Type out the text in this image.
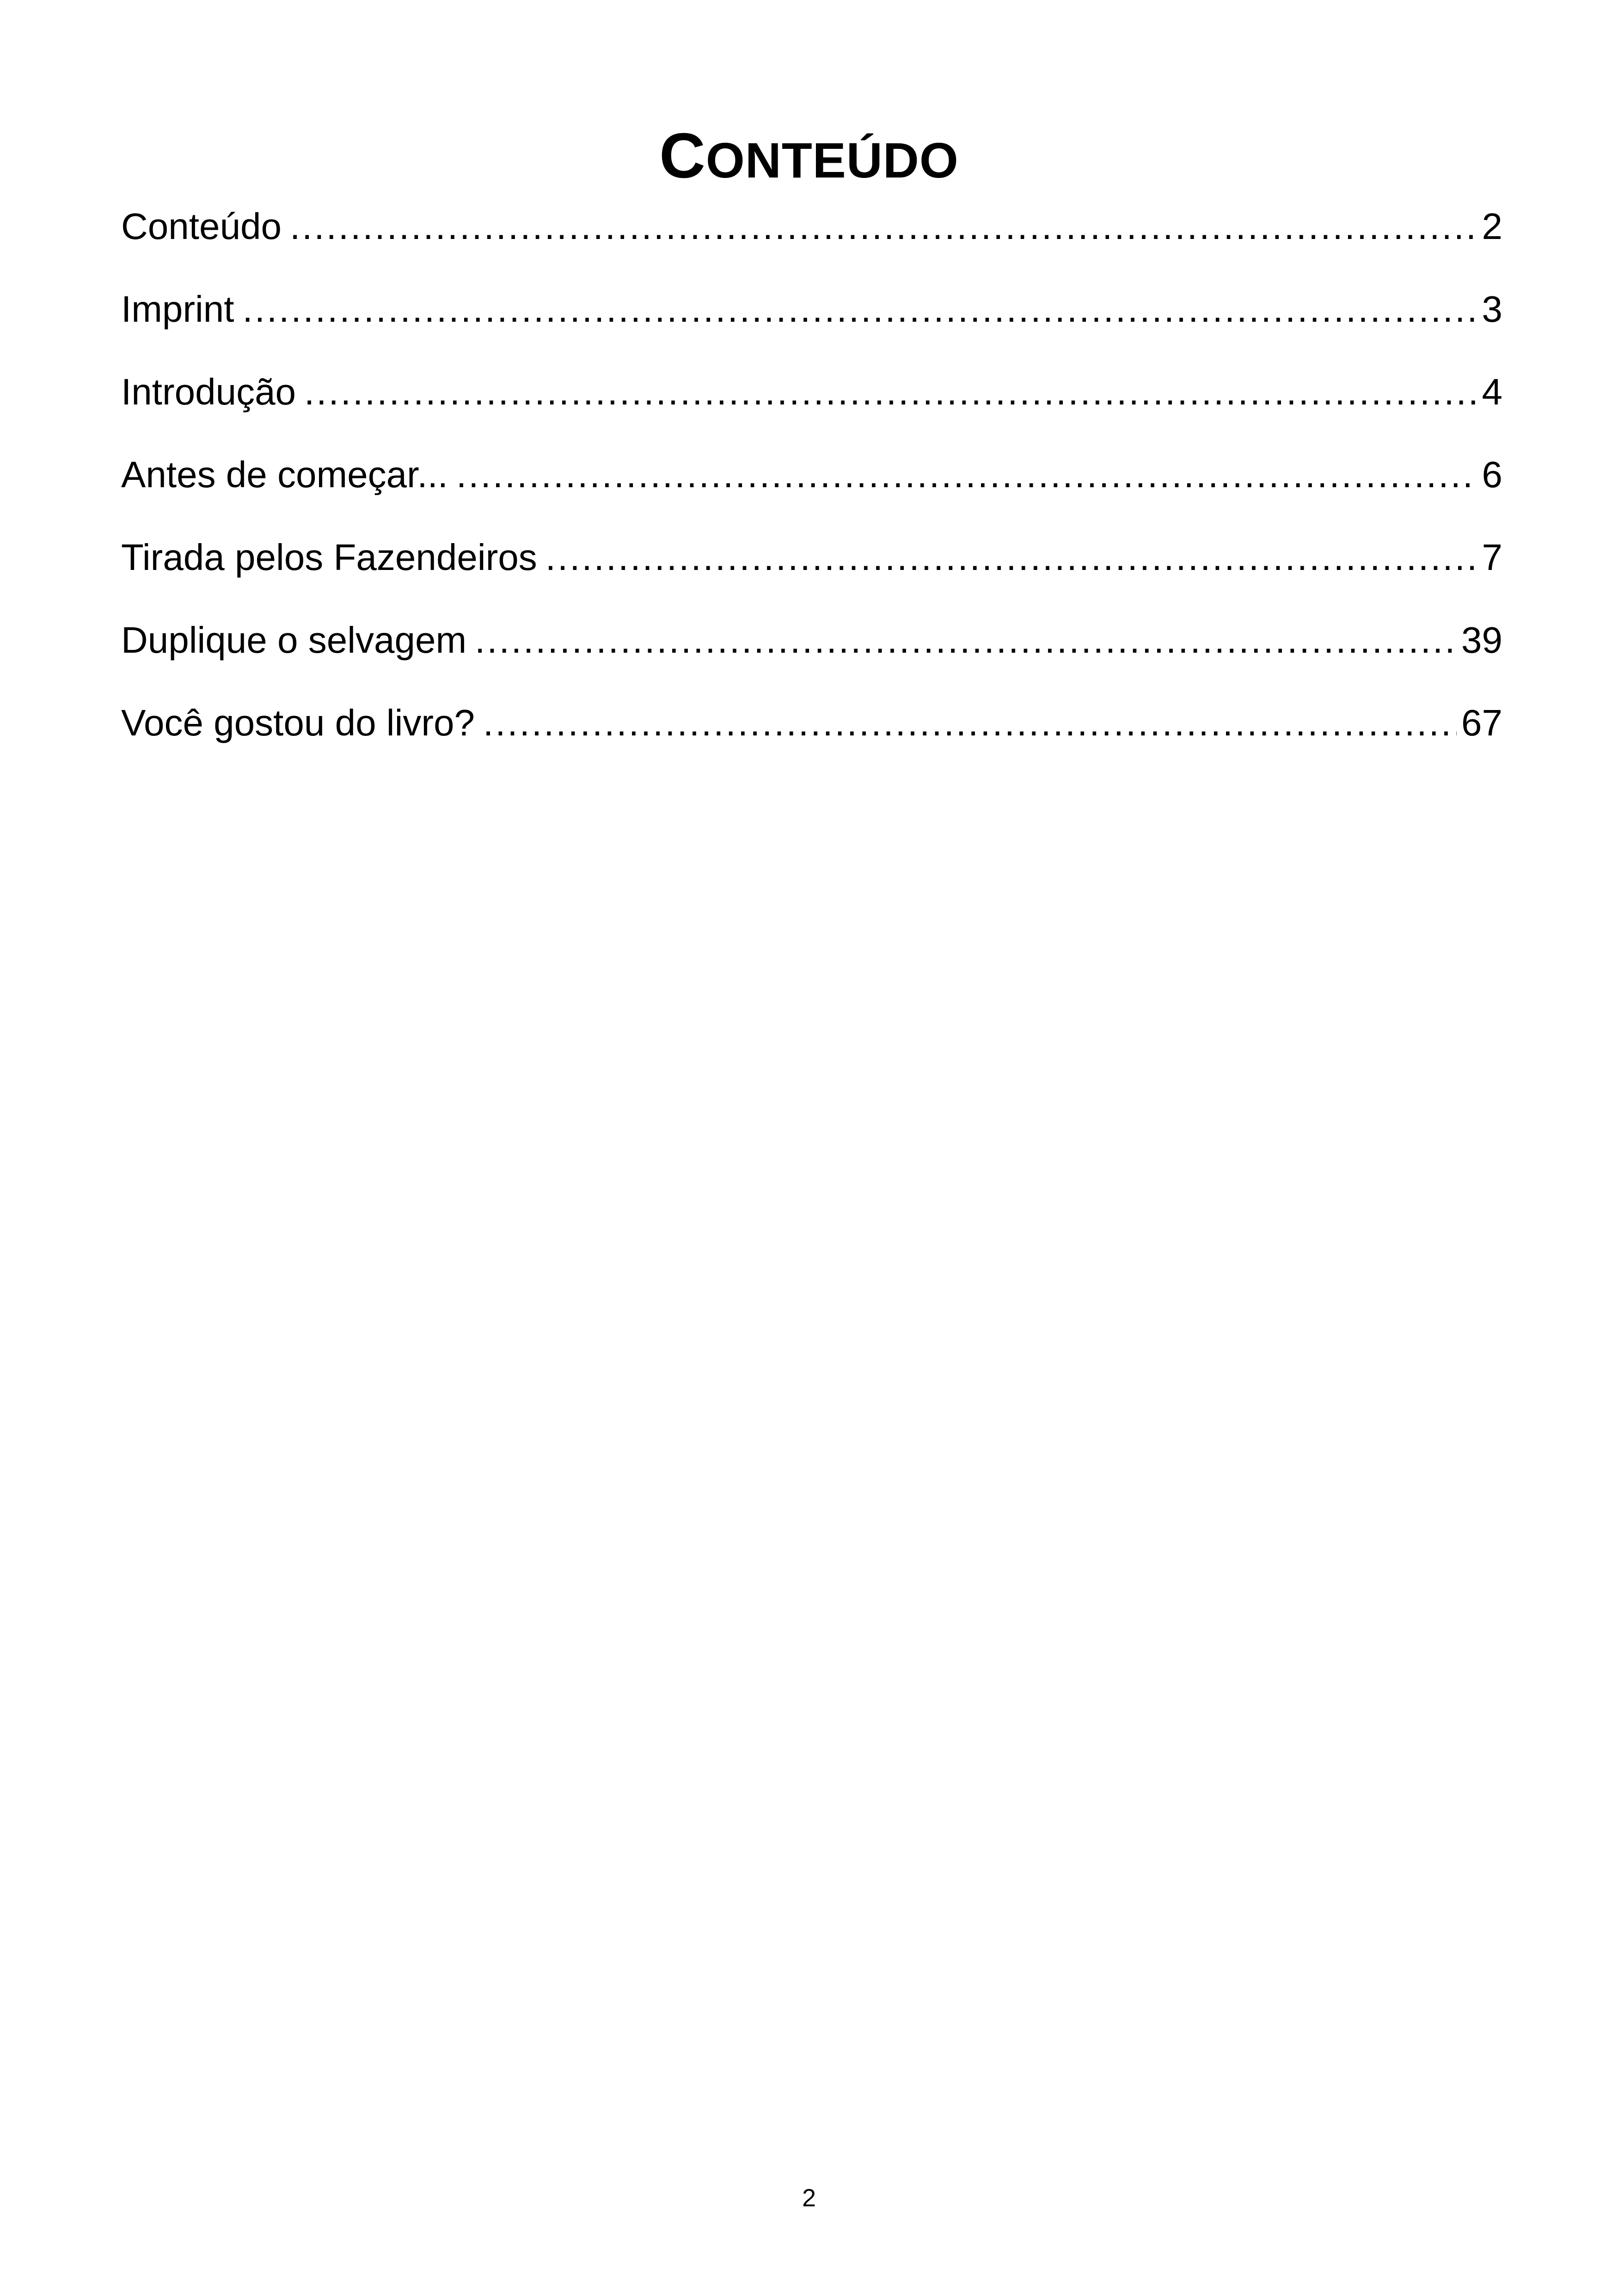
CONTEÚDO
Conteúdo .....	2
Imprint .....	3
Introdução .....	4
Antes de começar... .....	6
Tirada pelos Fazendeiros .....	7
Duplique o selvagem .....	39
Você gostou do livro? .....	67
2
